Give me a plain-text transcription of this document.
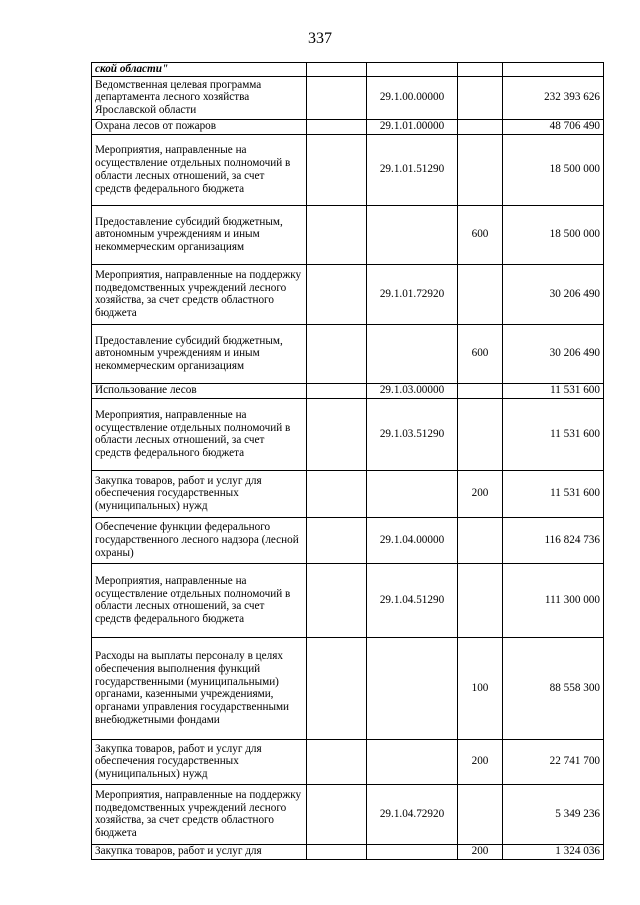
337
ской области"				
Ведомственная целевая программа департамента лесного хозяйства Ярославской области		29.1.00.00000		232 393 626
Охрана лесов от пожаров		29.1.01.00000		48 706 490
Мероприятия, направленные на осуществление отдельных полномочий в области лесных отношений, за счет средств федерального бюджета		29.1.01.51290		18 500 000
Предоставление субсидий бюджетным, автономным учреждениям и иным некоммерческим организациям			600	18 500 000
Мероприятия, направленные на поддержку подведомственных учреждений лесного хозяйства, за счет средств областного бюджета		29.1.01.72920		30 206 490
Предоставление субсидий бюджетным, автономным учреждениям и иным некоммерческим организациям			600	30 206 490
Использование лесов		29.1.03.00000		11 531 600
Мероприятия, направленные на осуществление отдельных полномочий в области лесных отношений, за счет средств федерального бюджета		29.1.03.51290		11 531 600
Закупка товаров, работ и услуг для обеспечения государственных (муниципальных) нужд			200	11 531 600
Обеспечение функции федерального государственного лесного надзора (лесной охраны)		29.1.04.00000		116 824 736
Мероприятия, направленные на осуществление отдельных полномочий в области лесных отношений, за счет средств федерального бюджета		29.1.04.51290		111 300 000
Расходы на выплаты персоналу в целях обеспечения выполнения функций государственными (муниципальными) органами, казенными учреждениями, органами управления государственными внебюджетными фондами			100	88 558 300
Закупка товаров, работ и услуг для обеспечения государственных (муниципальных) нужд			200	22 741 700
Мероприятия, направленные на поддержку подведомственных учреждений лесного хозяйства, за счет средств областного бюджета		29.1.04.72920		5 349 236
Закупка товаров, работ и услуг для			200	1 324 036
